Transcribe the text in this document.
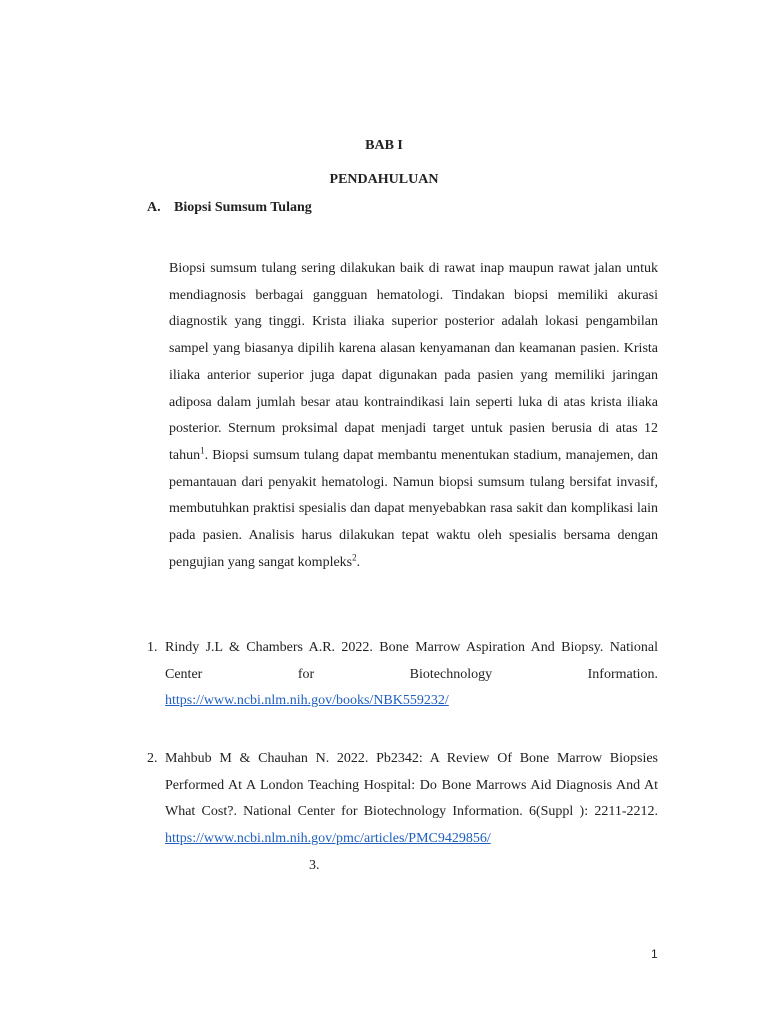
BAB I
PENDAHULUAN
A. Biopsi Sumsum Tulang
Biopsi sumsum tulang sering dilakukan baik di rawat inap maupun rawat jalan untuk mendiagnosis berbagai gangguan hematologi. Tindakan biopsi memiliki akurasi diagnostik yang tinggi. Krista iliaka superior posterior adalah lokasi pengambilan sampel yang biasanya dipilih karena alasan kenyamanan dan keamanan pasien. Krista iliaka anterior superior juga dapat digunakan pada pasien yang memiliki jaringan adiposa dalam jumlah besar atau kontraindikasi lain seperti luka di atas krista iliaka posterior. Sternum proksimal dapat menjadi target untuk pasien berusia di atas 12 tahun$^1$. Biopsi sumsum tulang dapat membantu menentukan stadium, manajemen, dan pemantauan dari penyakit hematologi. Namun biopsi sumsum tulang bersifat invasif, membutuhkan praktisi spesialis dan dapat menyebabkan rasa sakit dan komplikasi lain pada pasien. Analisis harus dilakukan tepat waktu oleh spesialis bersama dengan pengujian yang sangat kompleks$^2$.
1. Rindy J.L & Chambers A.R. 2022. Bone Marrow Aspiration And Biopsy. National Center for Biotechnology Information. https://www.ncbi.nlm.nih.gov/books/NBK559232/
2. Mahbub M & Chauhan N. 2022. Pb2342: A Review Of Bone Marrow Biopsies Performed At A London Teaching Hospital: Do Bone Marrows Aid Diagnosis And At What Cost?. National Center for Biotechnology Information. 6(Suppl ): 2211-2212. https://www.ncbi.nlm.nih.gov/pmc/articles/PMC9429856/
3.
1
